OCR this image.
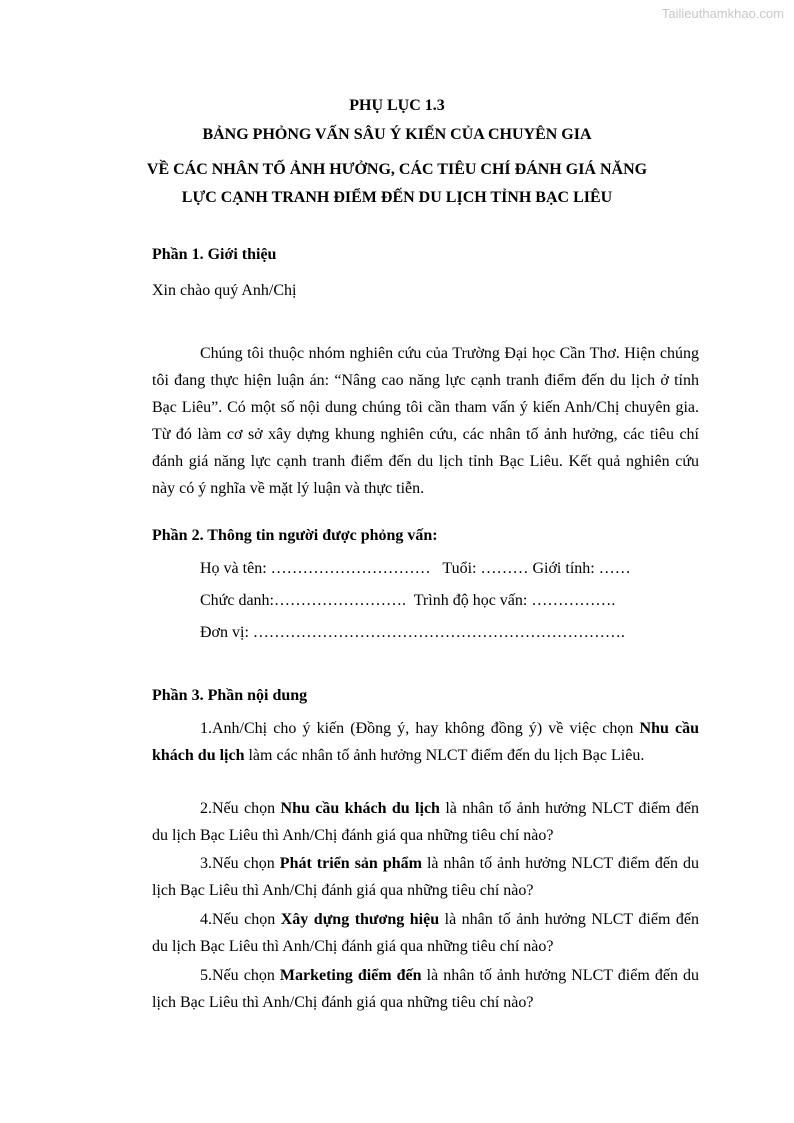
Tailieuthamkhao.com
PHỤ LỤC 1.3
BẢNG PHỎNG VẤN SÂU Ý KIẾN CỦA CHUYÊN GIA
VỀ CÁC NHÂN TỐ ẢNH HƯỞNG, CÁC TIÊU CHÍ ĐÁNH GIÁ NĂNG
LỰC CẠNH TRANH ĐIỂM ĐẾN DU LỊCH TỈNH BẠC LIÊU
Phần 1. Giới thiệu
Xin chào quý Anh/Chị

Chúng tôi thuộc nhóm nghiên cứu của Trường Đại học Cần Thơ. Hiện chúng tôi đang thực hiện luận án: “Nâng cao năng lực cạnh tranh điểm đến du lịch ở tỉnh Bạc Liêu”. Có một số nội dung chúng tôi cần tham vấn ý kiến Anh/Chị chuyên gia. Từ đó làm cơ sở xây dựng khung nghiên cứu, các nhân tố ảnh hưởng, các tiêu chí đánh giá năng lực cạnh tranh điểm đến du lịch tỉnh Bạc Liêu. Kết quả nghiên cứu này có ý nghĩa về mặt lý luận và thực tiễn.

Phần 2. Thông tin người được phỏng vấn:
Họ và tên: …………………………   Tuổi: ……… Giới tính: ……
Chức danh:…………………….  Trình độ học vấn: …………….
Đơn vị: …………………………………………………………….
Phần 3. Phần nội dung

1.Anh/Chị cho ý kiến (Đồng ý, hay không đồng ý) về việc chọn Nhu cầu khách du lịch làm các nhân tố ảnh hưởng NLCT điểm đến du lịch Bạc Liêu.

2.Nếu chọn Nhu cầu khách du lịch là nhân tố ảnh hưởng NLCT điểm đến du lịch Bạc Liêu thì Anh/Chị đánh giá qua những tiêu chí nào?

3.Nếu chọn Phát triển sản phẩm là nhân tố ảnh hưởng NLCT điểm đến du lịch Bạc Liêu thì Anh/Chị đánh giá qua những tiêu chí nào?

4.Nếu chọn Xây dựng thương hiệu là nhân tố ảnh hưởng NLCT điểm đến du lịch Bạc Liêu thì Anh/Chị đánh giá qua những tiêu chí nào?

5.Nếu chọn Marketing điểm đến là nhân tố ảnh hưởng NLCT điểm đến du lịch Bạc Liêu thì Anh/Chị đánh giá qua những tiêu chí nào?
